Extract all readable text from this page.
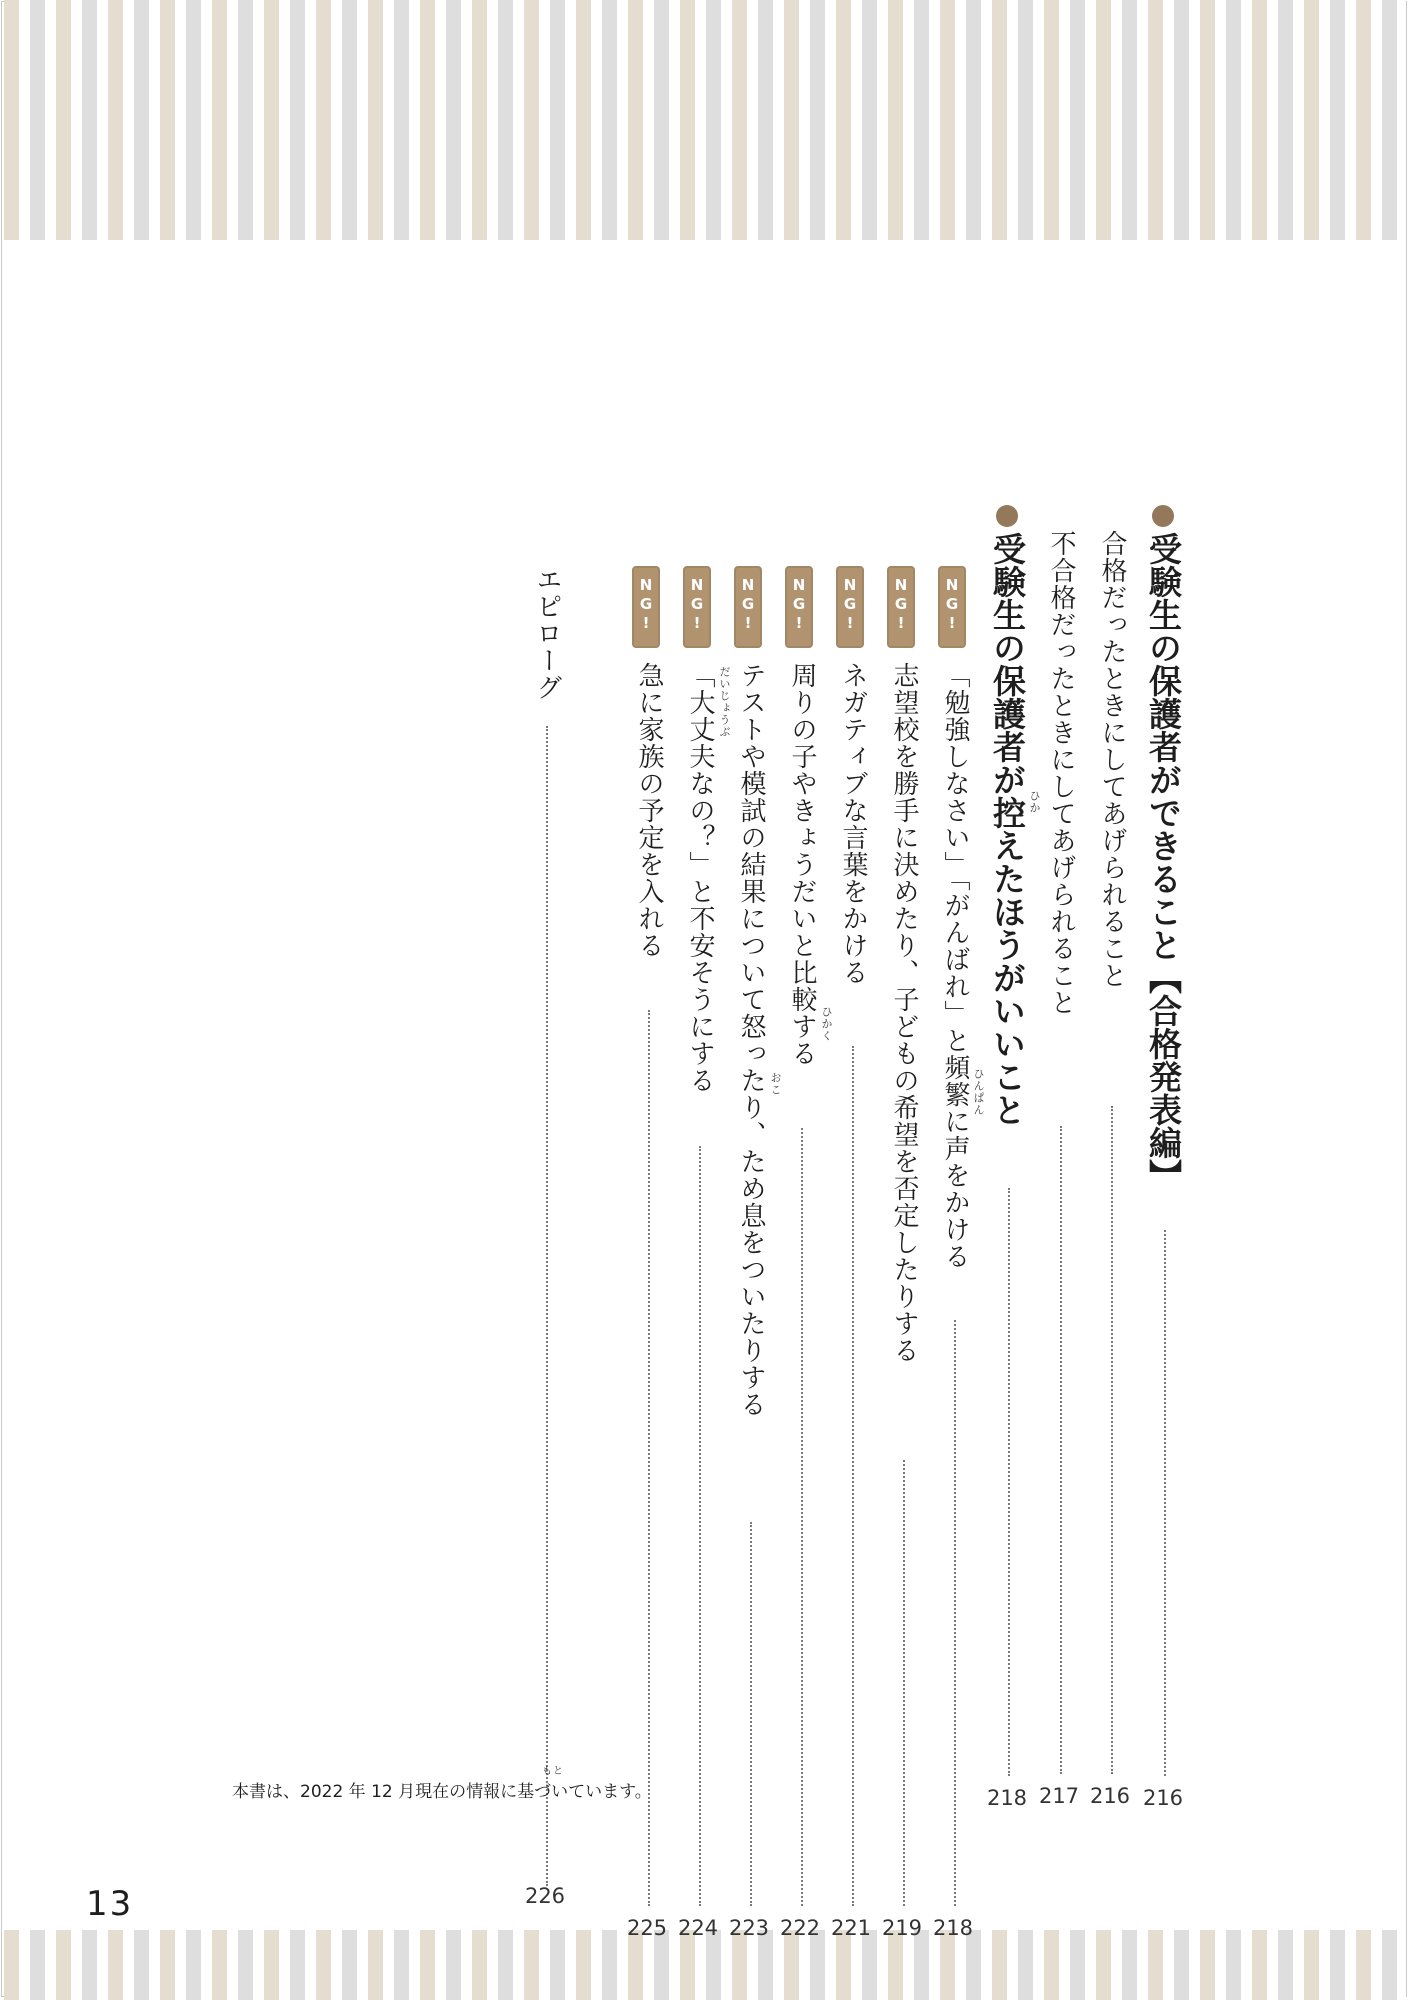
受験生の保護者ができること【合格発表編】
216
合格だったときにしてあげられること
216
不合格だったときにしてあげられること
217
受験生の保護者が控えたほうがいいこと
218
ひか
N
G
!
「勉強しなさい」「がんばれ」と頻繁に声をかける
218
ひんぱん
N
G
!
志望校を勝手に決めたり、子どもの希望を否定したりする
219
N
G
!
ネガティブな言葉をかける
221
N
G
!
周りの子やきょうだいと比較する
222
ひかく
N
G
!
テストや模試の結果について怒ったり、ため息をついたりする
223
おこ
N
G
!
「大丈夫なの？」と不安そうにする
224
だいじょうぶ
N
G
!
急に家族の予定を入れる
225
エピローグ
226
もと
本書は、2022 年 12 月現在の情報に基づいています。
13
